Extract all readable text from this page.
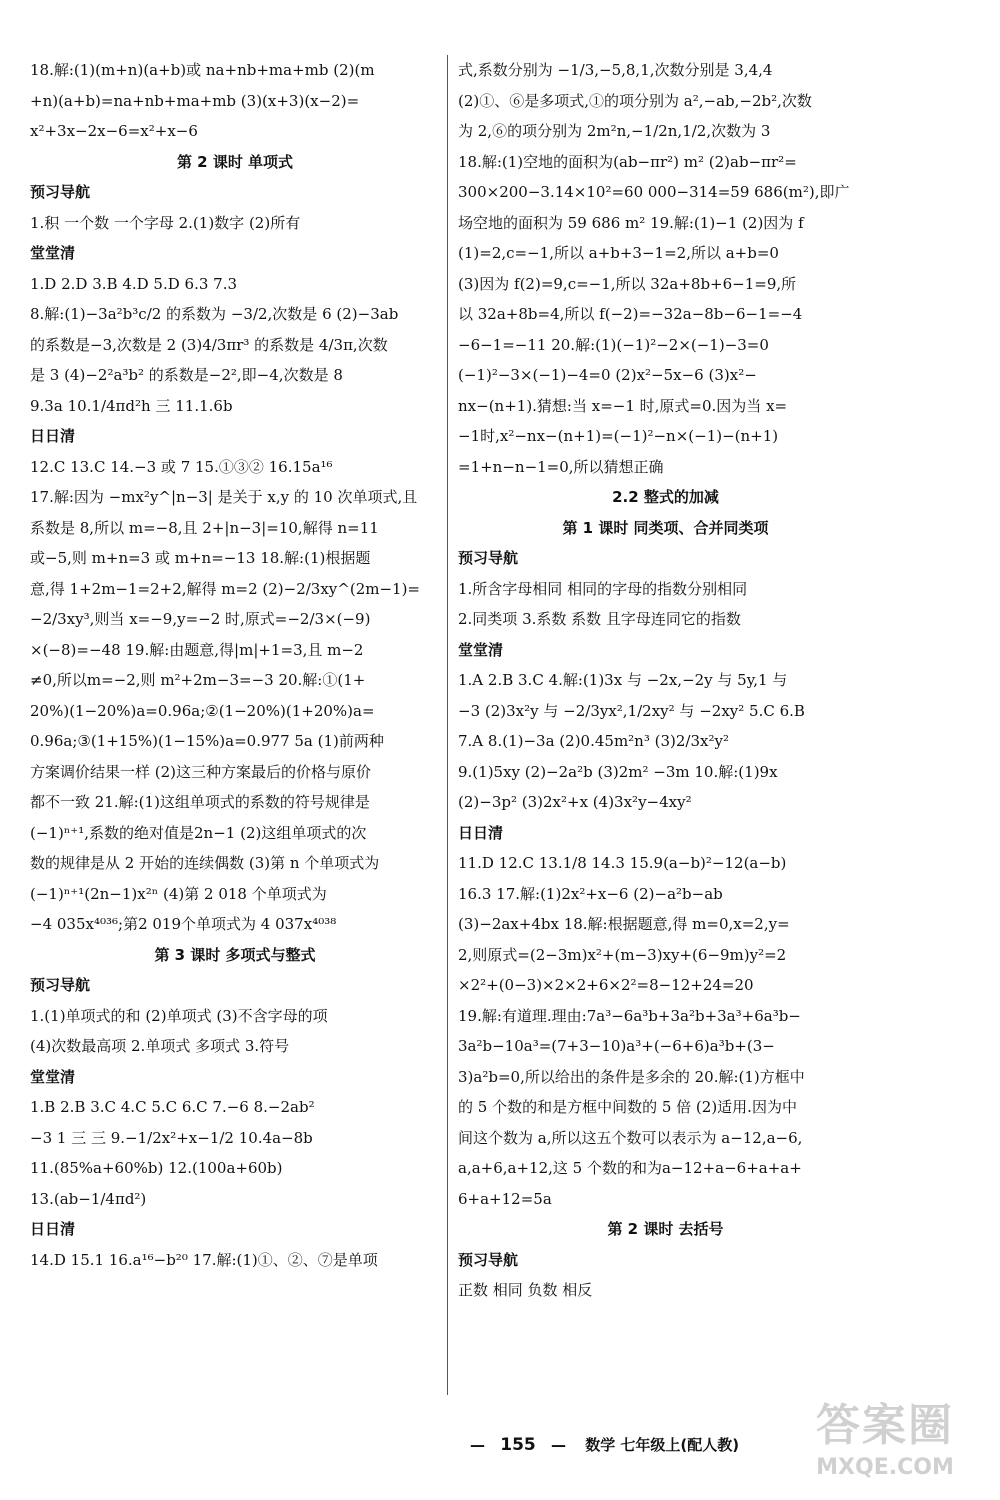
18.解:(1)(m+n)(a+b)或 na+nb+ma+mb (2)(m
+n)(a+b)=na+nb+ma+mb (3)(x+3)(x−2)=
x²+3x−2x−6=x²+x−6
第 2 课时 单项式
预习导航
1.积 一个数 一个字母 2.(1)数字 (2)所有
堂堂清
1.D 2.D 3.B 4.D 5.D 6.3 7.3
8.解:(1)−3a²b³c/2 的系数为 −3/2,次数是 6 (2)−3ab
的系数是−3,次数是 2 (3)4/3πr³ 的系数是 4/3π,次数
是 3 (4)−2²a³b² 的系数是−2²,即−4,次数是 8
9.3a 10.1/4πd²h 三 11.1.6b
日日清
12.C 13.C 14.−3 或 7 15.①③② 16.15a¹⁶
17.解:因为 −mx²y^|n−3| 是关于 x,y 的 10 次单项式,且
系数是 8,所以 m=−8,且 2+|n−3|=10,解得 n=11
或−5,则 m+n=3 或 m+n=−13 18.解:(1)根据题
意,得 1+2m−1=2+2,解得 m=2 (2)−2/3xy^(2m−1)=
−2/3xy³,则当 x=−9,y=−2 时,原式=−2/3×(−9)
×(−8)=−48 19.解:由题意,得|m|+1=3,且 m−2
≠0,所以m=−2,则 m²+2m−3=−3 20.解:①(1+
20%)(1−20%)a=0.96a;②(1−20%)(1+20%)a=
0.96a;③(1+15%)(1−15%)a=0.977 5a (1)前两种
方案调价结果一样 (2)这三种方案最后的价格与原价
都不一致 21.解:(1)这组单项式的系数的符号规律是
(−1)ⁿ⁺¹,系数的绝对值是2n−1 (2)这组单项式的次
数的规律是从 2 开始的连续偶数 (3)第 n 个单项式为
(−1)ⁿ⁺¹(2n−1)x²ⁿ (4)第 2 018 个单项式为
−4 035x⁴⁰³⁶;第2 019个单项式为 4 037x⁴⁰³⁸
第 3 课时 多项式与整式
预习导航
1.(1)单项式的和 (2)单项式 (3)不含字母的项
(4)次数最高项 2.单项式 多项式 3.符号
堂堂清
1.B 2.B 3.C 4.C 5.C 6.C 7.−6 8.−2ab²
−3 1 三 三 9.−1/2x²+x−1/2 10.4a−8b
11.(85%a+60%b) 12.(100a+60b)
13.(ab−1/4πd²)
日日清
14.D 15.1 16.a¹⁶−b²⁰ 17.解:(1)①、②、⑦是单项
式,系数分别为 −1/3,−5,8,1,次数分别是 3,4,4
(2)①、⑥是多项式,①的项分别为 a²,−ab,−2b²,次数
为 2,⑥的项分别为 2m²n,−1/2n,1/2,次数为 3
18.解:(1)空地的面积为(ab−πr²) m² (2)ab−πr²=
300×200−3.14×10²=60 000−314=59 686(m²),即广
场空地的面积为 59 686 m² 19.解:(1)−1 (2)因为 f
(1)=2,c=−1,所以 a+b+3−1=2,所以 a+b=0
(3)因为 f(2)=9,c=−1,所以 32a+8b+6−1=9,所
以 32a+8b=4,所以 f(−2)=−32a−8b−6−1=−4
−6−1=−11 20.解:(1)(−1)²−2×(−1)−3=0
(−1)²−3×(−1)−4=0 (2)x²−5x−6 (3)x²−
nx−(n+1).猜想:当 x=−1 时,原式=0.因为当 x=
−1时,x²−nx−(n+1)=(−1)²−n×(−1)−(n+1)
=1+n−n−1=0,所以猜想正确
2.2 整式的加减
第 1 课时 同类项、合并同类项
预习导航
1.所含字母相同 相同的字母的指数分别相同
2.同类项 3.系数 系数 且字母连同它的指数
堂堂清
1.A 2.B 3.C 4.解:(1)3x 与 −2x,−2y 与 5y,1 与
−3 (2)3x²y 与 −2/3yx²,1/2xy² 与 −2xy² 5.C 6.B
7.A 8.(1)−3a (2)0.45m²n³ (3)2/3x²y²
9.(1)5xy (2)−2a²b (3)2m² −3m 10.解:(1)9x
(2)−3p² (3)2x²+x (4)3x²y−4xy²
日日清
11.D 12.C 13.1/8 14.3 15.9(a−b)²−12(a−b)
16.3 17.解:(1)2x²+x−6 (2)−a²b−ab
(3)−2ax+4bx 18.解:根据题意,得 m=0,x=2,y=
2,则原式=(2−3m)x²+(m−3)xy+(6−9m)y²=2
×2²+(0−3)×2×2+6×2²=8−12+24=20
19.解:有道理.理由:7a³−6a³b+3a²b+3a³+6a³b−
3a²b−10a³=(7+3−10)a³+(−6+6)a³b+(3−
3)a²b=0,所以给出的条件是多余的 20.解:(1)方框中
的 5 个数的和是方框中间数的 5 倍 (2)适用.因为中
间这个数为 a,所以这五个数可以表示为 a−12,a−6,
a,a+6,a+12,这 5 个数的和为a−12+a−6+a+a+
6+a+12=5a
第 2 课时 去括号
预习导航
正数 相同 负数 相反
— 155 — 数学 七年级上(配人教)	答案圈
MXQE.COM
